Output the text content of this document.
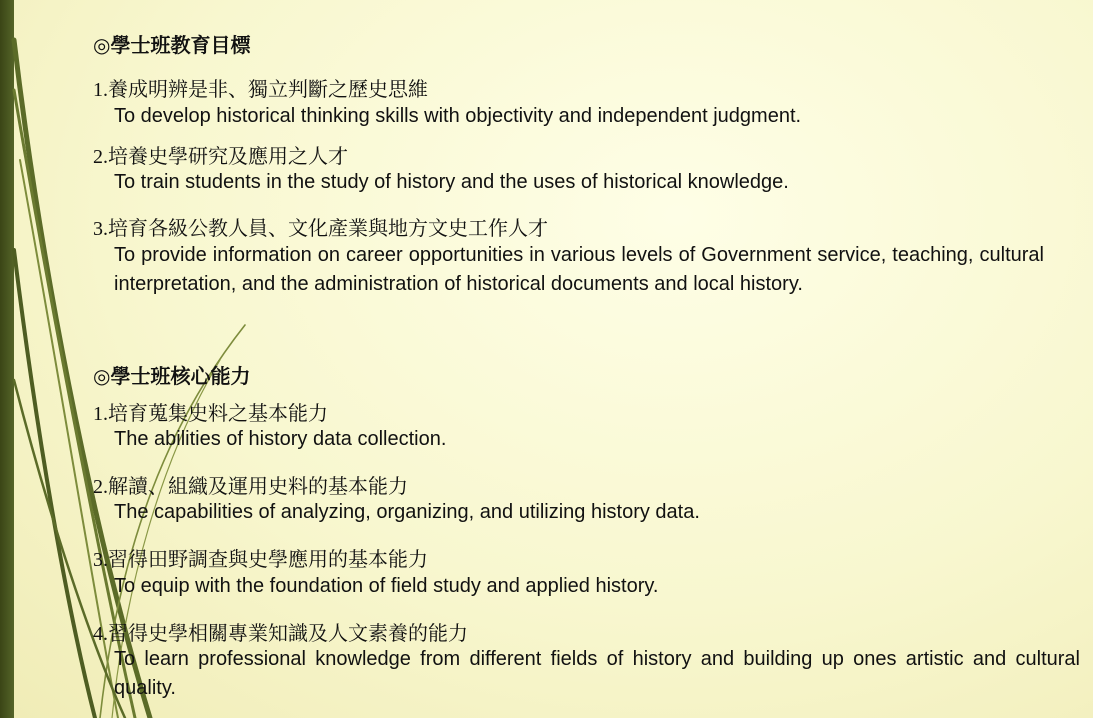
◎學士班教育目標
1.養成明辨是非、獨立判斷之歷史思維
To develop historical thinking skills with objectivity and independent judgment.
2.培養史學研究及應用之人才
To train students in the study of history and the uses of historical knowledge.
3.培育各級公教人員、文化產業與地方文史工作人才
To provide information on career opportunities in various levels of Government service, teaching, cultural interpretation, and the administration of historical documents and local history.
◎學士班核心能力
1.培育蒐集史料之基本能力
The abilities of history data collection.
2.解讀、組織及運用史料的基本能力
The capabilities of analyzing, organizing, and utilizing history data.
3.習得田野調查與史學應用的基本能力
To equip with the foundation of field study and applied history.
4.習得史學相關專業知識及人文素養的能力
To learn professional knowledge from different fields of history and building up ones artistic and cultural quality.
